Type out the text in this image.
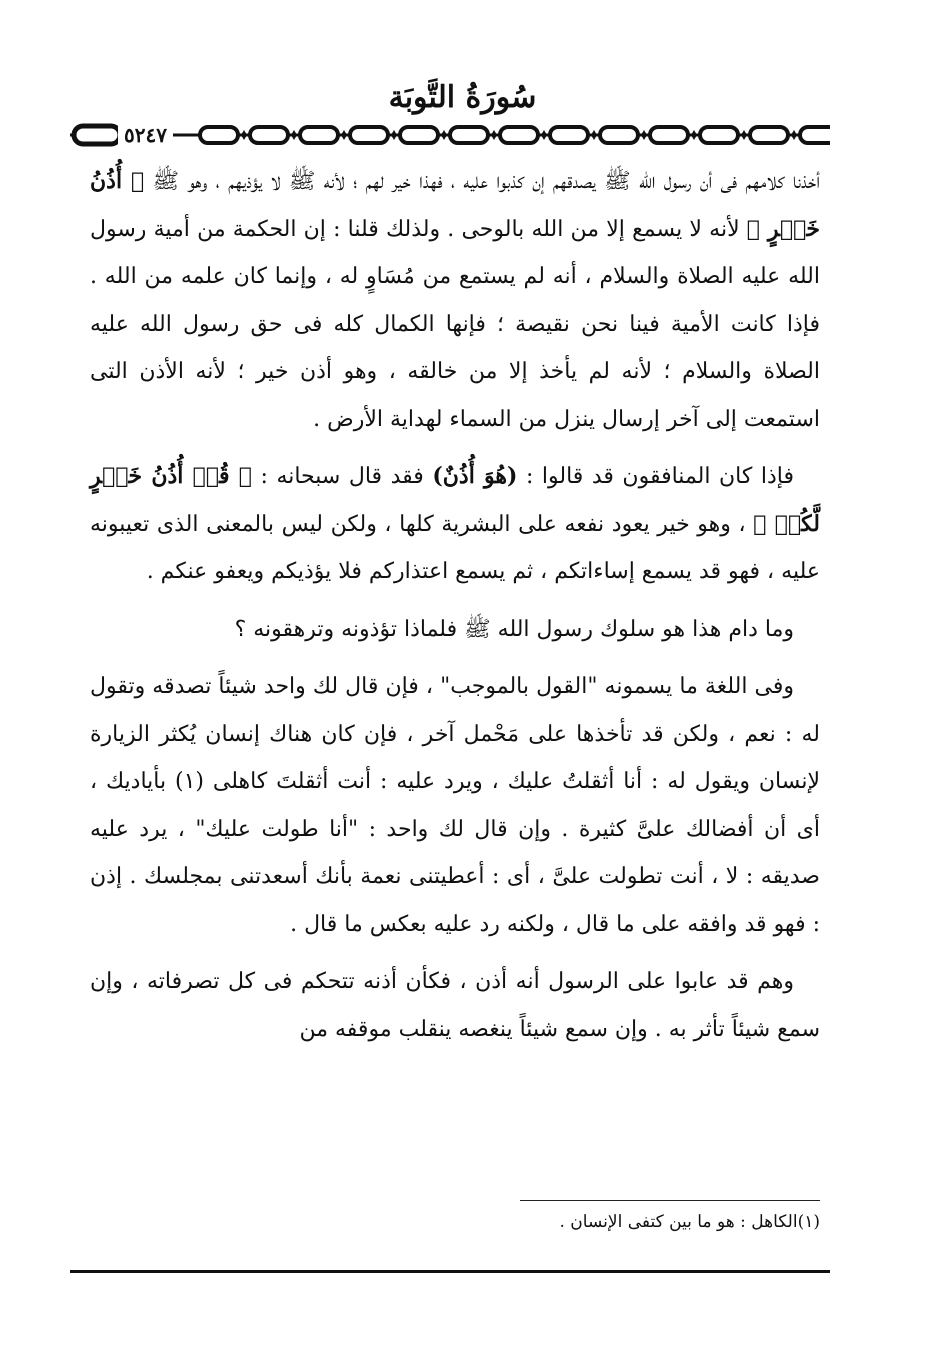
سُورَةُ التَّوبَة
٥٢٤٧

أخذنا كلامهم فى أن رسول الله ﷺ يصدقهم إن كذبوا عليه ، فهذا خير لهم ؛ لأنه ﷺ لا يؤذيهم ، وهو ﷺ ﴿ أُذُنُ خَيۡرٍ ﴾ لأنه لا يسمع إلا من الله بالوحى . ولذلك قلنا : إن الحكمة من أمية رسول الله عليه الصلاة والسلام ، أنه لم يستمع من مُسَاوٍ له ، وإنما كان علمه من الله . فإذا كانت الأمية فينا نحن نقيصة ؛ فإنها الكمال كله فى حق رسول الله عليه الصلاة والسلام ؛ لأنه لم يأخذ إلا من خالقه ، وهو أذن خير ؛ لأنه الأذن التى استمعت إلى آخر إرسال ينزل من السماء لهداية الأرض .

فإذا كان المنافقون قد قالوا : (هُوَ أُذُنٌ) فقد قال سبحانه : ﴿ قُلۡ أُذُنُ خَيۡرٍ لَّكُمۡ ﴾ ، وهو خير يعود نفعه على البشرية كلها ، ولكن ليس بالمعنى الذى تعيبونه عليه ، فهو قد يسمع إساءاتكم ، ثم يسمع اعتذاركم فلا يؤذيكم ويعفو عنكم .

وما دام هذا هو سلوك رسول الله ﷺ فلماذا تؤذونه وترهقونه ؟

وفى اللغة ما يسمونه "القول بالموجب" ، فإن قال لك واحد شيئاً تصدقه وتقول له : نعم ، ولكن قد تأخذها على مَحْمل آخر ، فإن كان هناك إنسان يُكثر الزيارة لإنسان ويقول له : أنا أثقلتُ عليك ، ويرد عليه : أنت أثقلتَ كاهلى (١) بأياديك ، أى أن أفضالك علىَّ كثيرة . وإن قال لك واحد : "أنا طولت عليك" ، يرد عليه صديقه : لا ، أنت تطولت علىَّ ، أى : أعطيتنى نعمة بأنك أسعدتنى بمجلسك . إذن : فهو قد وافقه على ما قال ، ولكنه رد عليه بعكس ما قال .

وهم قد عابوا على الرسول أنه أذن ، فكأن أذنه تتحكم فى كل تصرفاته ، وإن سمع شيئاً تأثر به . وإن سمع شيئاً ينغصه ينقلب موقفه من

(١)الكاهل : هو ما بين كتفى الإنسان .
